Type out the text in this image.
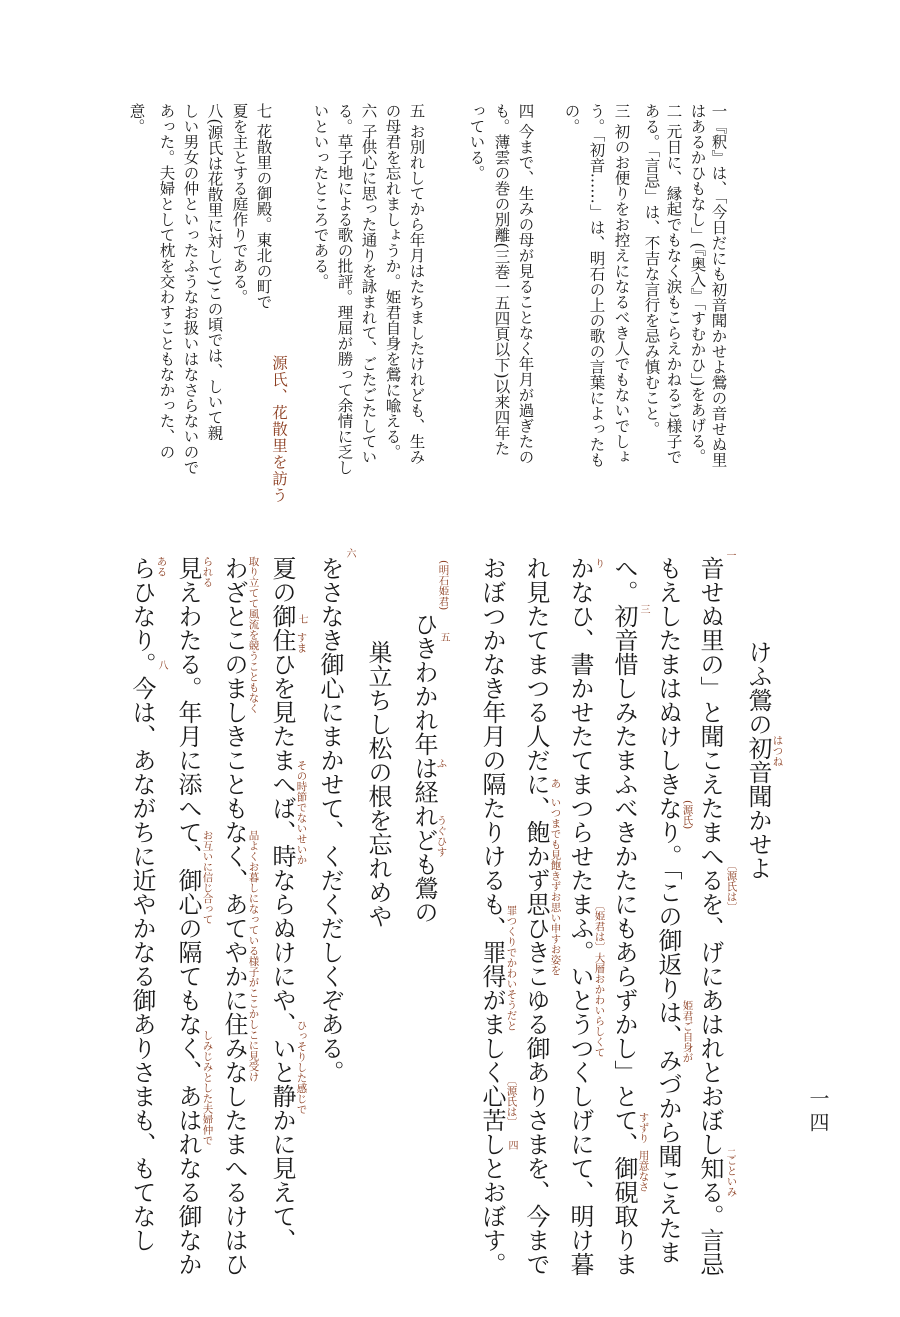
一四
一『釈』は、「今日だにも初音聞かせよ鶯の音せぬ里
はあるかひもなし」(『奥入』「すむかひ」)をあげる。
二 元日に、縁起でもなく涙もこらえかねるご様子で
ある。「言忌」は、不吉な言行を忌み慎むこと。
三 初のお便りをお控えになるべき人でもないでしょ
う。「初音……」は、明石の上の歌の言葉によったも
の。
四 今まで、生みの母が見ることなく年月が過ぎたの
も。薄雲の巻の別離(三巻一五四頁以下)以来四年た
っている。
五 お別れしてから年月はたちましたけれども、生み
の母君を忘れましょうか。姫君自身を鶯に喩える。
六 子供心に思った通りを詠まれて、ごたごたしてい
る。草子地による歌の批評。理屈が勝って余情に乏し
いといったところである。
七 花散里の御殿。東北の町で
夏を主とする庭作りである。
八(源氏は花散里に対して)この頃では、しいて親
しい男女の仲といったふうなお扱いはなさらないので
あった。夫婦として枕を交わすこともなかった、の
意。
源氏、花散里を訪う
けふ鶯の初音聞かせよ
音せぬ里の」と聞こえたまへるを、げにあはれとおぼし知る。言忌
もえしたまはぬけしきなり。「この御返りは、みづから聞こえたま
へ。初音惜しみたまふべきかたにもあらずかし」とて、御硯取りま
かなひ、書かせたてまつらせたまふ。いとうつくしげにて、明け暮
れ見たてまつる人だに、飽かず思ひきこゆる御ありさまを、今まで
おぼつかなき年月の隔たりけるも、罪得がましく心苦しとおぼす。
ひきわかれ年は経れども鶯の
巣立ちし松の根を忘れめや
をさなき御心にまかせて、くだくだしくぞある。
夏の御住ひを見たまへば、時ならぬけにや、いと静かに見えて、
わざとこのましきこともなく、あてやかに住みなしたまへるけはひ
見えわたる。年月に添へて、御心の隔てもなく、あはれなる御なか
らひなり。今は、あながちに近やかなる御ありさまも、もてなし	はつね
こといみ
〔源氏は〕
(源氏)
姫君ご自身が
用意なさ
り
すずり
〔姫君は〕大層おかわいらしくて
いつまでも見飽きずお思い申すお姿を
あ
罪つくりでかわいそうだと
〔源氏は〕
(明石姫君)
ふ
うぐひす
すま
その時節でないせいか
ひっそりした感じで
取り立てて風流を競うこともなく
品よくお暮しになっている様子がここかしこに見受け
られる
お互いに信じ合って
しみじみとした夫婦仲で
ある
一
二
三
四
五
六
七
八
